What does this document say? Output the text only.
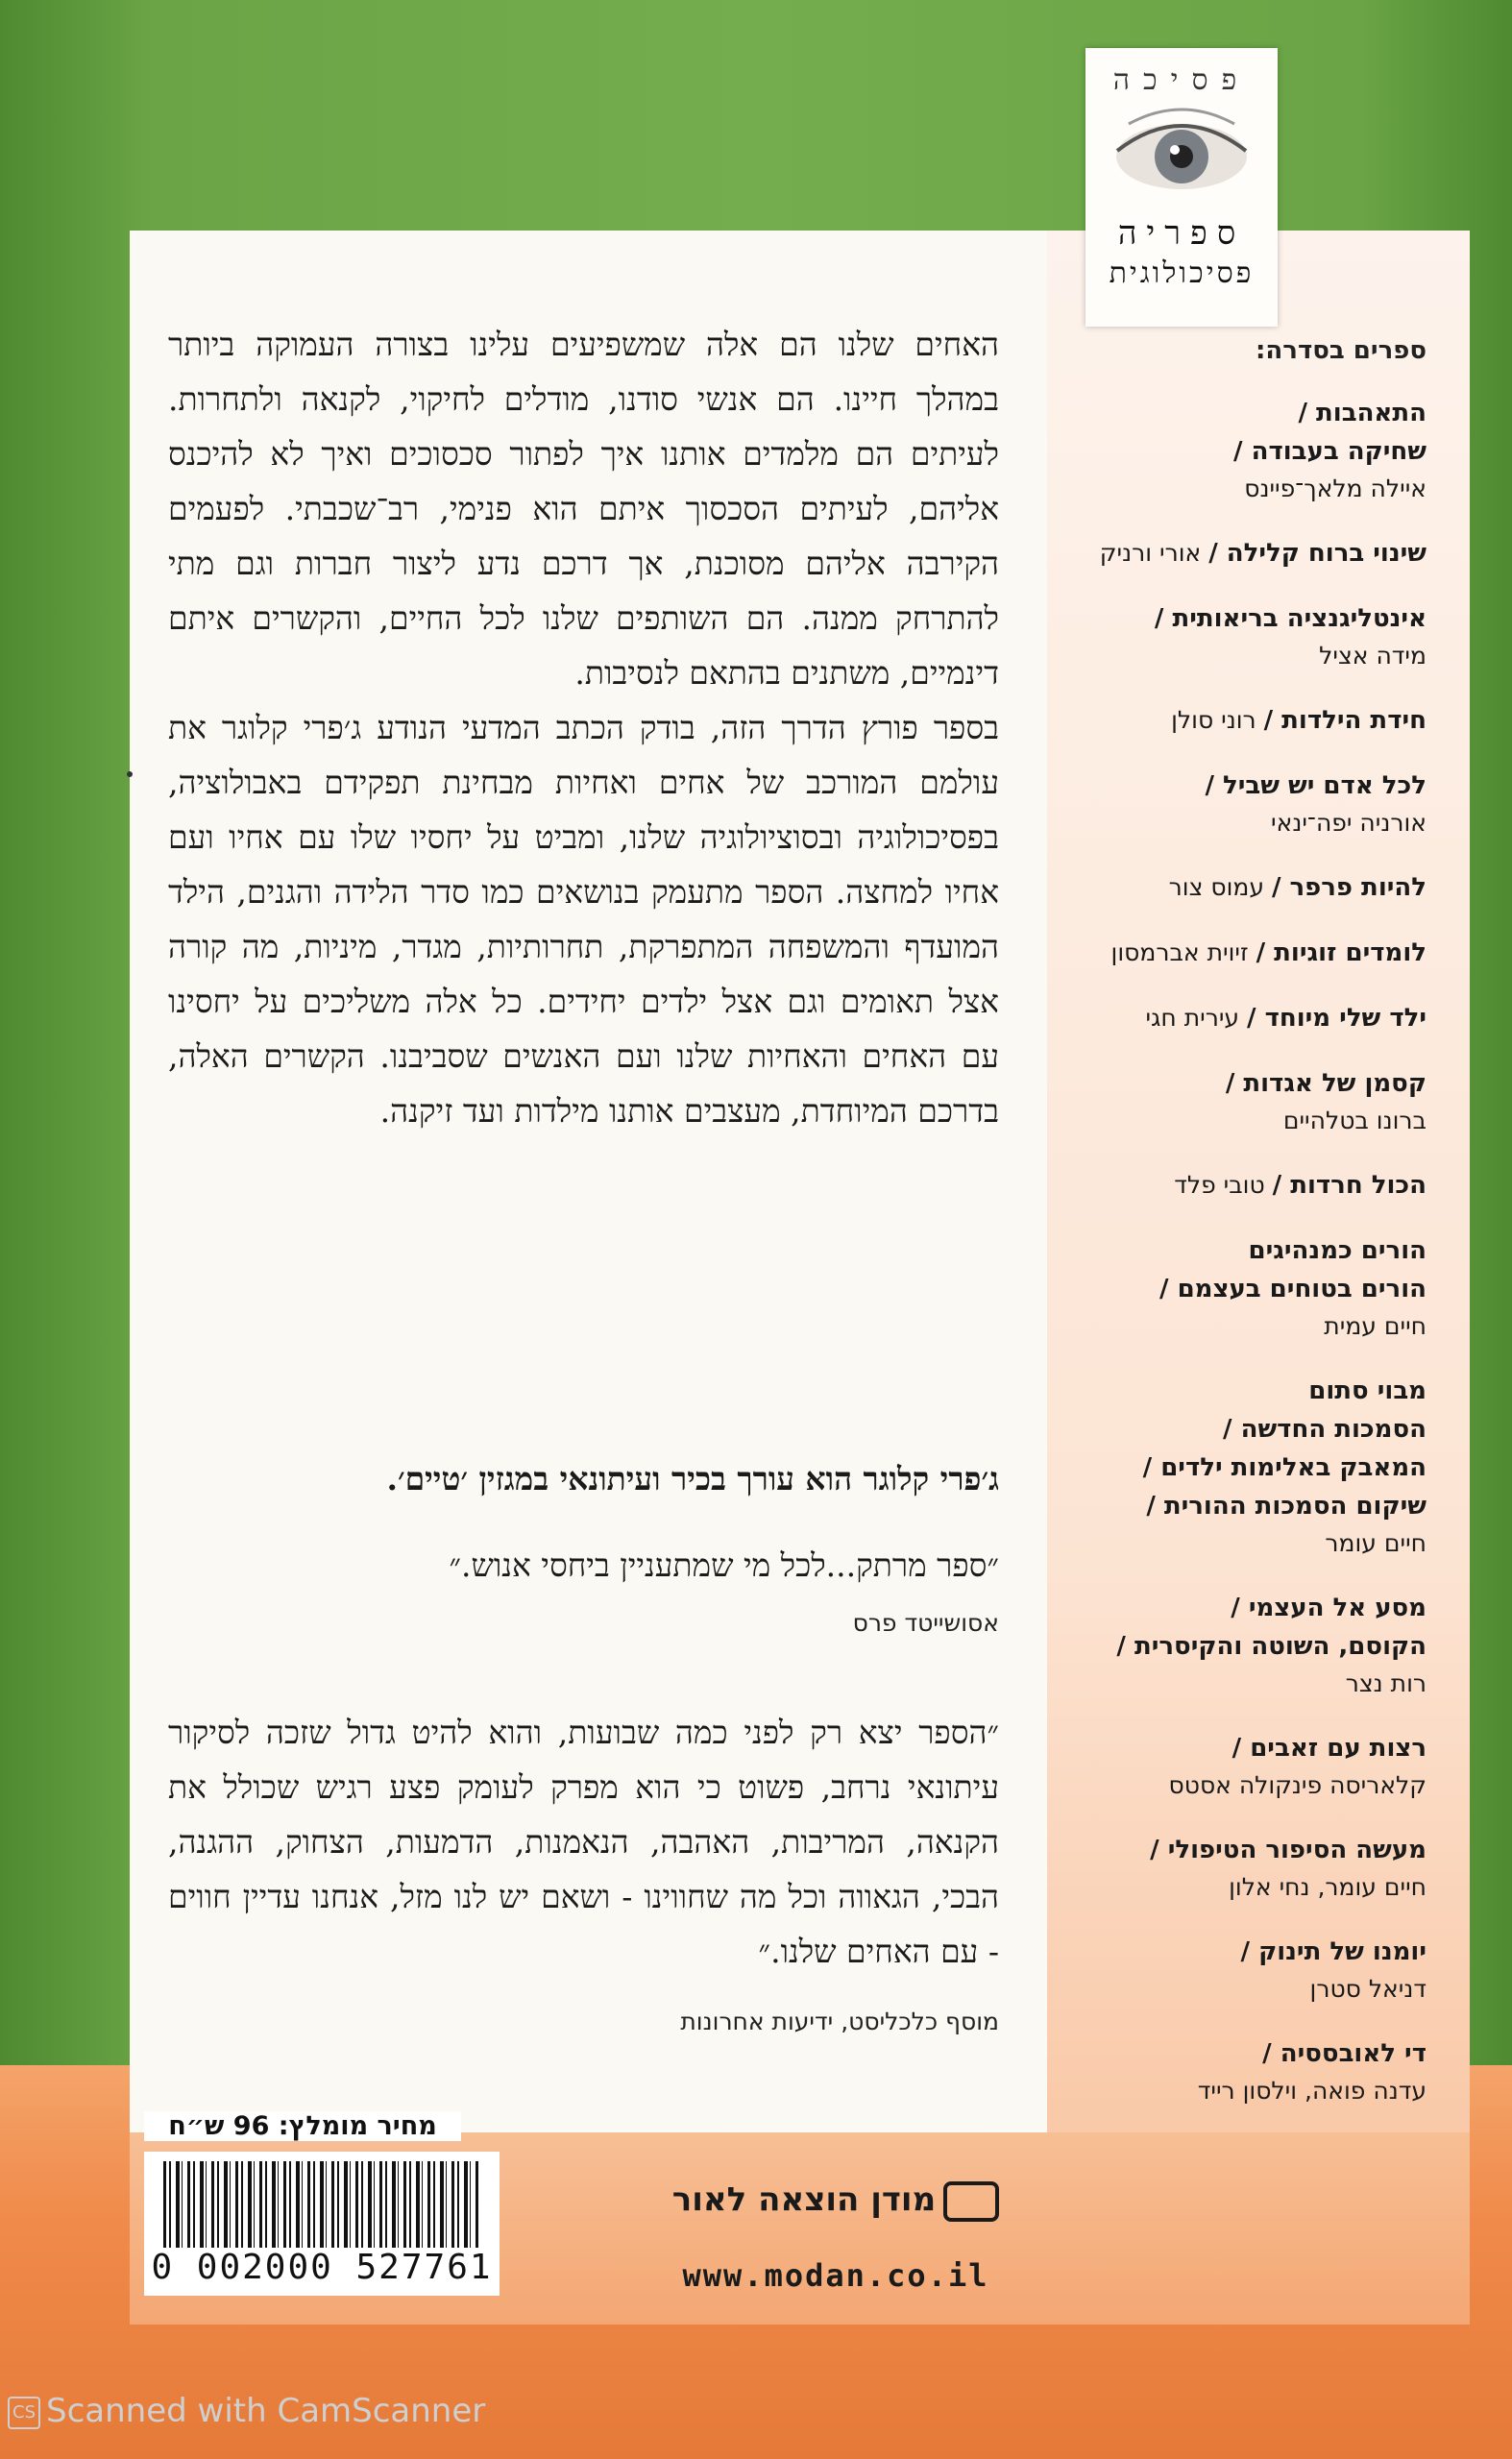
פסיכה
ספריה
פסיכולוגית

האחים שלנו הם אלה שמשפיעים עלינו בצורה העמוקה ביותר במהלך חיינו. הם אנשי סודנו, מודלים לחיקוי, לקנאה ולתחרות. לעיתים הם מלמדים אותנו איך לפתור סכסוכים ואיך לא להיכנס אליהם, לעיתים הסכסוך איתם הוא פנימי, רב־שכבתי. לפעמים הקירבה אליהם מסוכנת, אך דרכם נדע ליצור חברות וגם מתי להתרחק ממנה. הם השותפים שלנו לכל החיים, והקשרים איתם דינמיים, משתנים בהתאם לנסיבות.

בספר פורץ הדרך הזה, בודק הכתב המדעי הנודע ג׳פרי קלוגר את עולמם המורכב של אחים ואחיות מבחינת תפקידם באבולוציה, בפסיכולוגיה ובסוציולוגיה שלנו, ומביט על יחסיו שלו עם אחיו ועם אחיו למחצה. הספר מתעמק בנושאים כמו סדר הלידה והגנים, הילד המועדף והמשפחה המתפרקת, תחרותיות, מגדר, מיניות, מה קורה אצל תאומים וגם אצל ילדים יחידים. כל אלה משליכים על יחסינו עם האחים והאחיות שלנו ועם האנשים שסביבנו. הקשרים האלה, בדרכם המיוחדת, מעצבים אותנו מילדות ועד זיקנה.

ג׳פרי קלוגר הוא עורך בכיר ועיתונאי במגזין ׳טיים׳.
״ספר מרתק...לכל מי שמתעניין ביחסי אנוש.״
אסושייטד פרס
״הספר יצא רק לפני כמה שבועות, והוא להיט גדול שזכה לסיקור עיתונאי נרחב, פשוט כי הוא מפרק לעומק פצע רגיש שכולל את הקנאה, המריבות, האהבה, הנאמנות, הדמעות, הצחוק, ההגנה, הבכי, הגאווה וכל מה שחווינו - ושאם יש לנו מזל, אנחנו עדיין חווים - עם האחים שלנו.״
מוסף כלכליסט, ידיעות אחרונות
ספרים בסדרה:
התאהבות /
שחיקה בעבודה /
איילה מלאך־פיינס
שינוי ברוח קלילה / אורי ורניק
אינטליגנציה בריאותית /
מידה אציל
חידת הילדות / רוני סולן
לכל אדם יש שביל /
אורניה יפה־ינאי
להיות פרפר / עמוס צור
לומדים זוגיות / זיוית אברמסון
ילד שלי מיוחד / עירית חגי
קסמן של אגדות /
ברונו בטלהיים
הכול חרדות / טובי פלד
הורים כמנהיגים
הורים בטוחים בעצמם /
חיים עמית
מבוי סתום
הסמכות החדשה /
המאבק באלימות ילדים /
שיקום הסמכות ההורית /
חיים עומר
מסע אל העצמי /
הקוסם, השוטה והקיסרית /
רות נצר
רצות עם זאבים /
קלאריסה פינקולה אסטס
מעשה הסיפור הטיפולי /
חיים עומר, נחי אלון
יומנו של תינוק /
דניאל סטרן
די לאובססיה /
עדנה פואה, וילסון רייד
מחיר מומלץ: 96 ש״ח
0 002000 527761
מודן הוצאה לאור
www.modan.co.il
CS Scanned with CamScanner
